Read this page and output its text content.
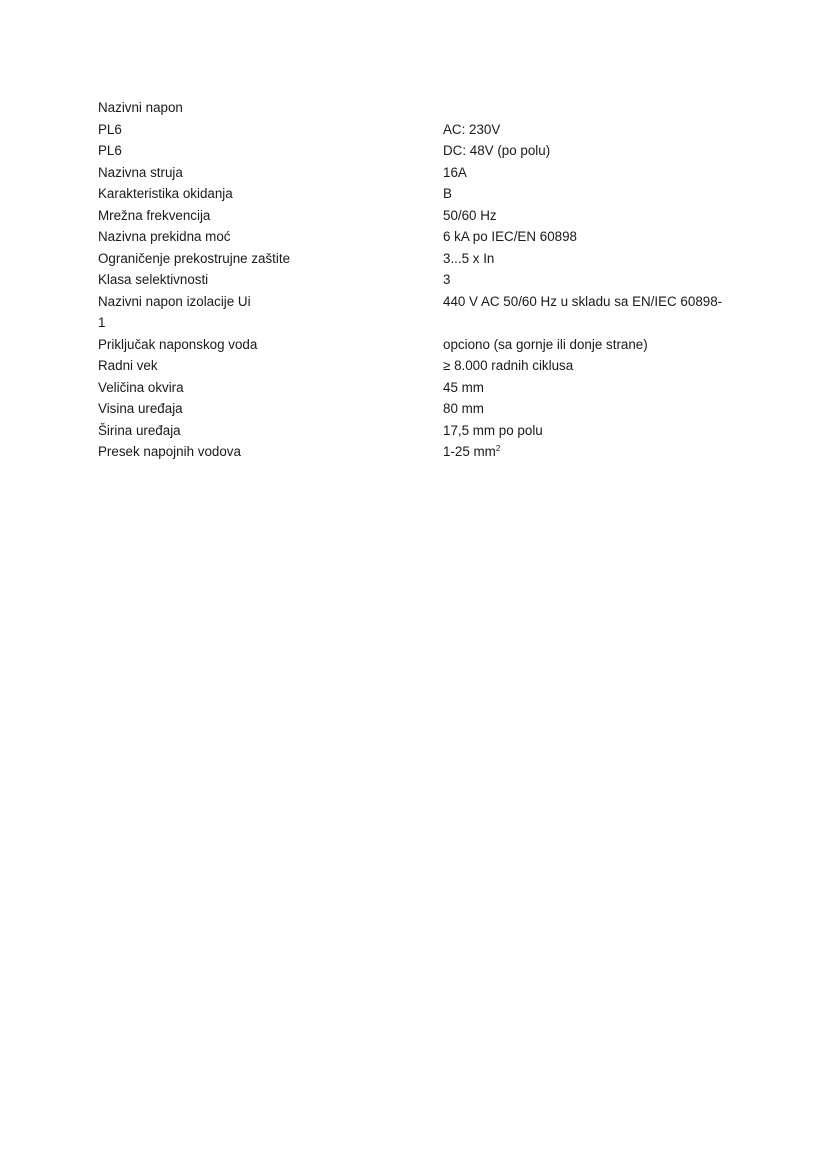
Nazivni napon
PL6	AC: 230V
PL6	DC: 48V (po polu)
Nazivna struja	16A
Karakteristika okidanja	B
Mrežna frekvencija	50/60 Hz
Nazivna prekidna moć	6 kA po IEC/EN 60898
Ograničenje prekostrujne zaštite	3...5 x In
Klasa selektivnosti	3
Nazivni napon izolacije Ui	440 V AC 50/60 Hz u skladu sa EN/IEC 60898-
1
Priključak naponskog voda	opciono (sa gornje ili donje strane)
Radni vek	≥ 8.000 radnih ciklusa
Veličina okvira	45 mm
Visina uređaja	80 mm
Širina uređaja	17,5 mm po polu
Presek napojnih vodova	1-25 $mm^2$
